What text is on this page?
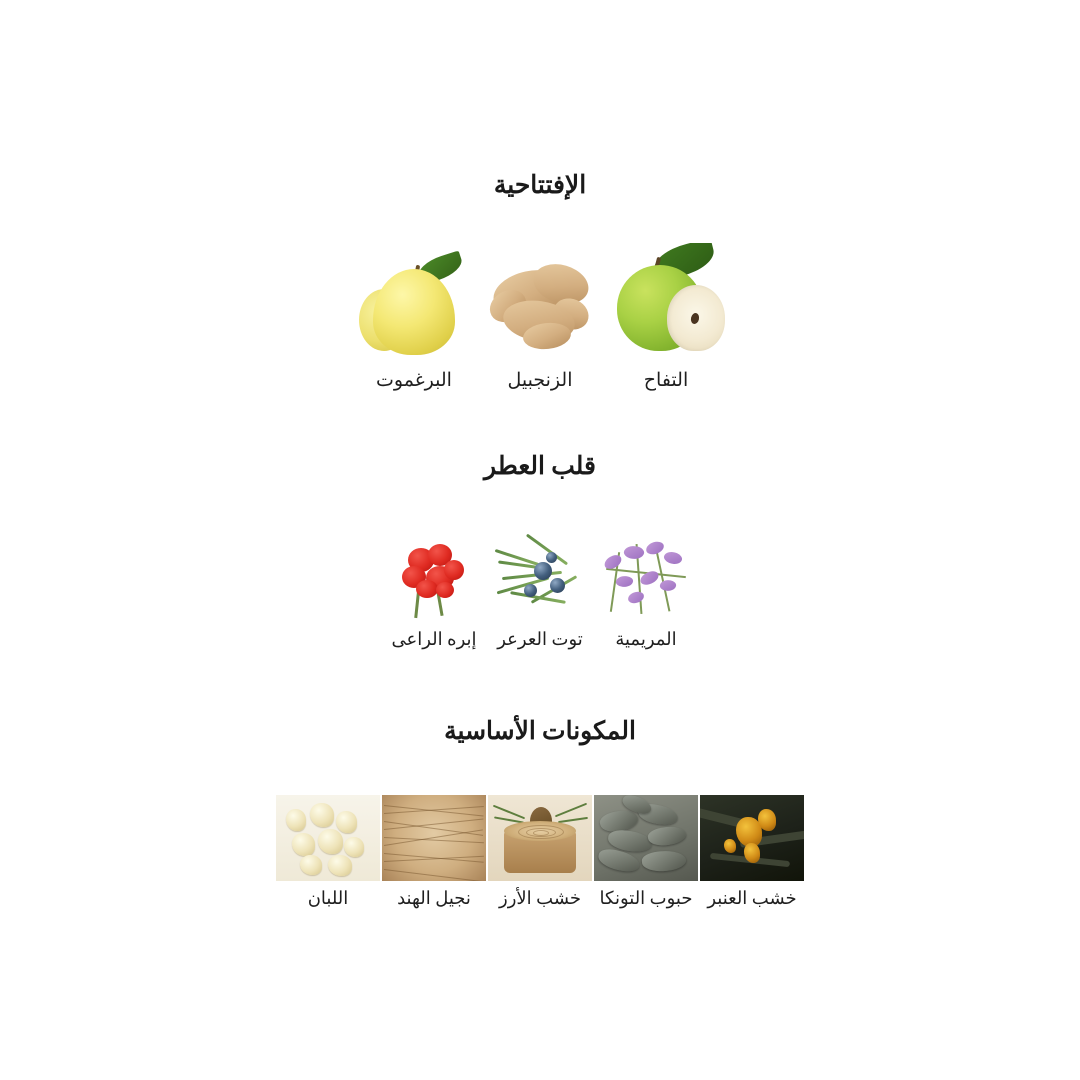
الإفتتاحية
التفاح
الزنجبيل
البرغموت
قلب العطر
المريمية
توت العرعر
إبره الراعى
المكونات الأساسية
خشب العنبر
حبوب التونكا
خشب الأرز
نجيل الهند
اللبان
